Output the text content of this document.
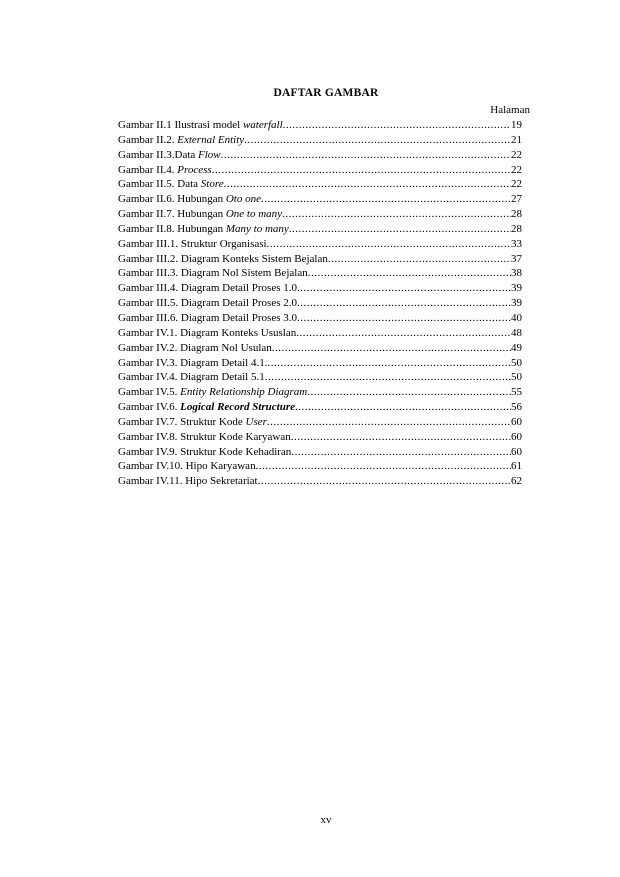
DAFTAR GAMBAR
Halaman
Gambar II.1 Ilustrasi model waterfall .....	19
Gambar II.2. External Entity .....	21
Gambar II.3.Data Flow .....	22
Gambar II.4. Process .....	22
Gambar II.5. Data Store .....	22
Gambar II.6. Hubungan Oto one .....	27
Gambar II.7. Hubungan One to many .....	28
Gambar II.8. Hubungan Many to many .....	28
Gambar III.1. Struktur Organisasi .....	33
Gambar III.2. Diagram Konteks Sistem Bejalan .....	37
Gambar III.3. Diagram Nol Sistem Bejalan .....	38
Gambar III.4. Diagram Detail Proses 1.0 .....	39
Gambar III.5. Diagram Detail Proses 2.0 .....	39
Gambar III.6. Diagram Detail Proses 3.0 .....	40
Gambar IV.1. Diagram Konteks Ususlan .....	48
Gambar IV.2. Diagram Nol Usulan .....	49
Gambar IV.3. Diagram Detail 4.1. .....	50
Gambar IV.4. Diagram Detail 5.1 .....	50
Gambar IV.5. Entity Relationship Diagram .....	55
Gambar IV.6. Logical Record Structure .....	56
Gambar IV.7. Struktur Kode User .....	60
Gambar IV.8. Struktur Kode Karyawan .....	60
Gambar IV.9. Struktur Kode Kehadiran .....	60
Gambar IV.10. Hipo Karyawan .....	61
Gambar IV.11. Hipo Sekretariat .....	62
xv
